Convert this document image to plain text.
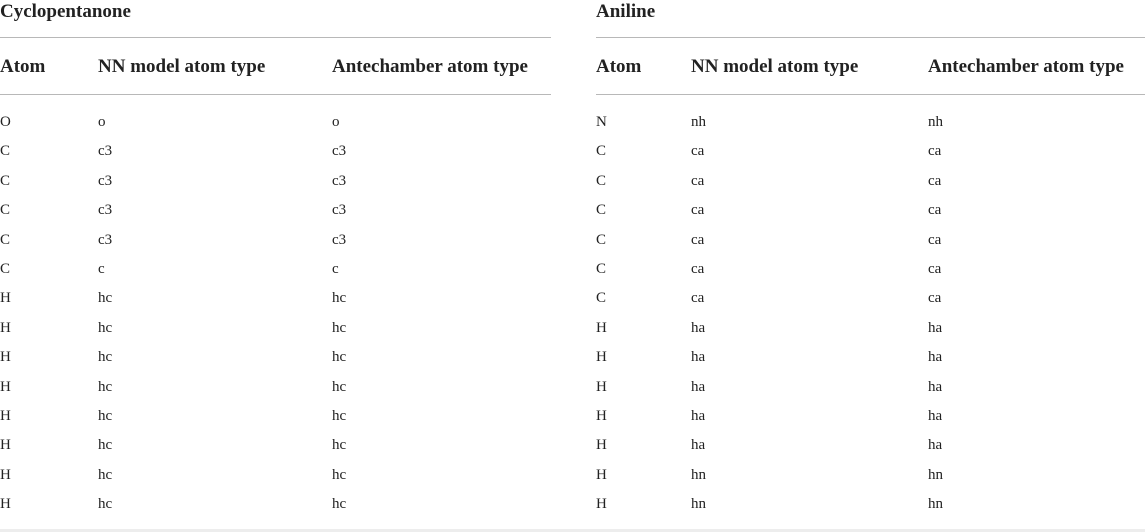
Cyclopentanone
Atom	NN model atom type	Antechamber atom type
O	o	o
C	c3	c3
C	c3	c3
C	c3	c3
C	c3	c3
C	c	c
H	hc	hc
H	hc	hc
H	hc	hc
H	hc	hc
H	hc	hc
H	hc	hc
H	hc	hc
H	hc	hc
Aniline
Atom	NN model atom type	Antechamber atom type
N	nh	nh
C	ca	ca
C	ca	ca
C	ca	ca
C	ca	ca
C	ca	ca
C	ca	ca
H	ha	ha
H	ha	ha
H	ha	ha
H	ha	ha
H	ha	ha
H	hn	hn
H	hn	hn
